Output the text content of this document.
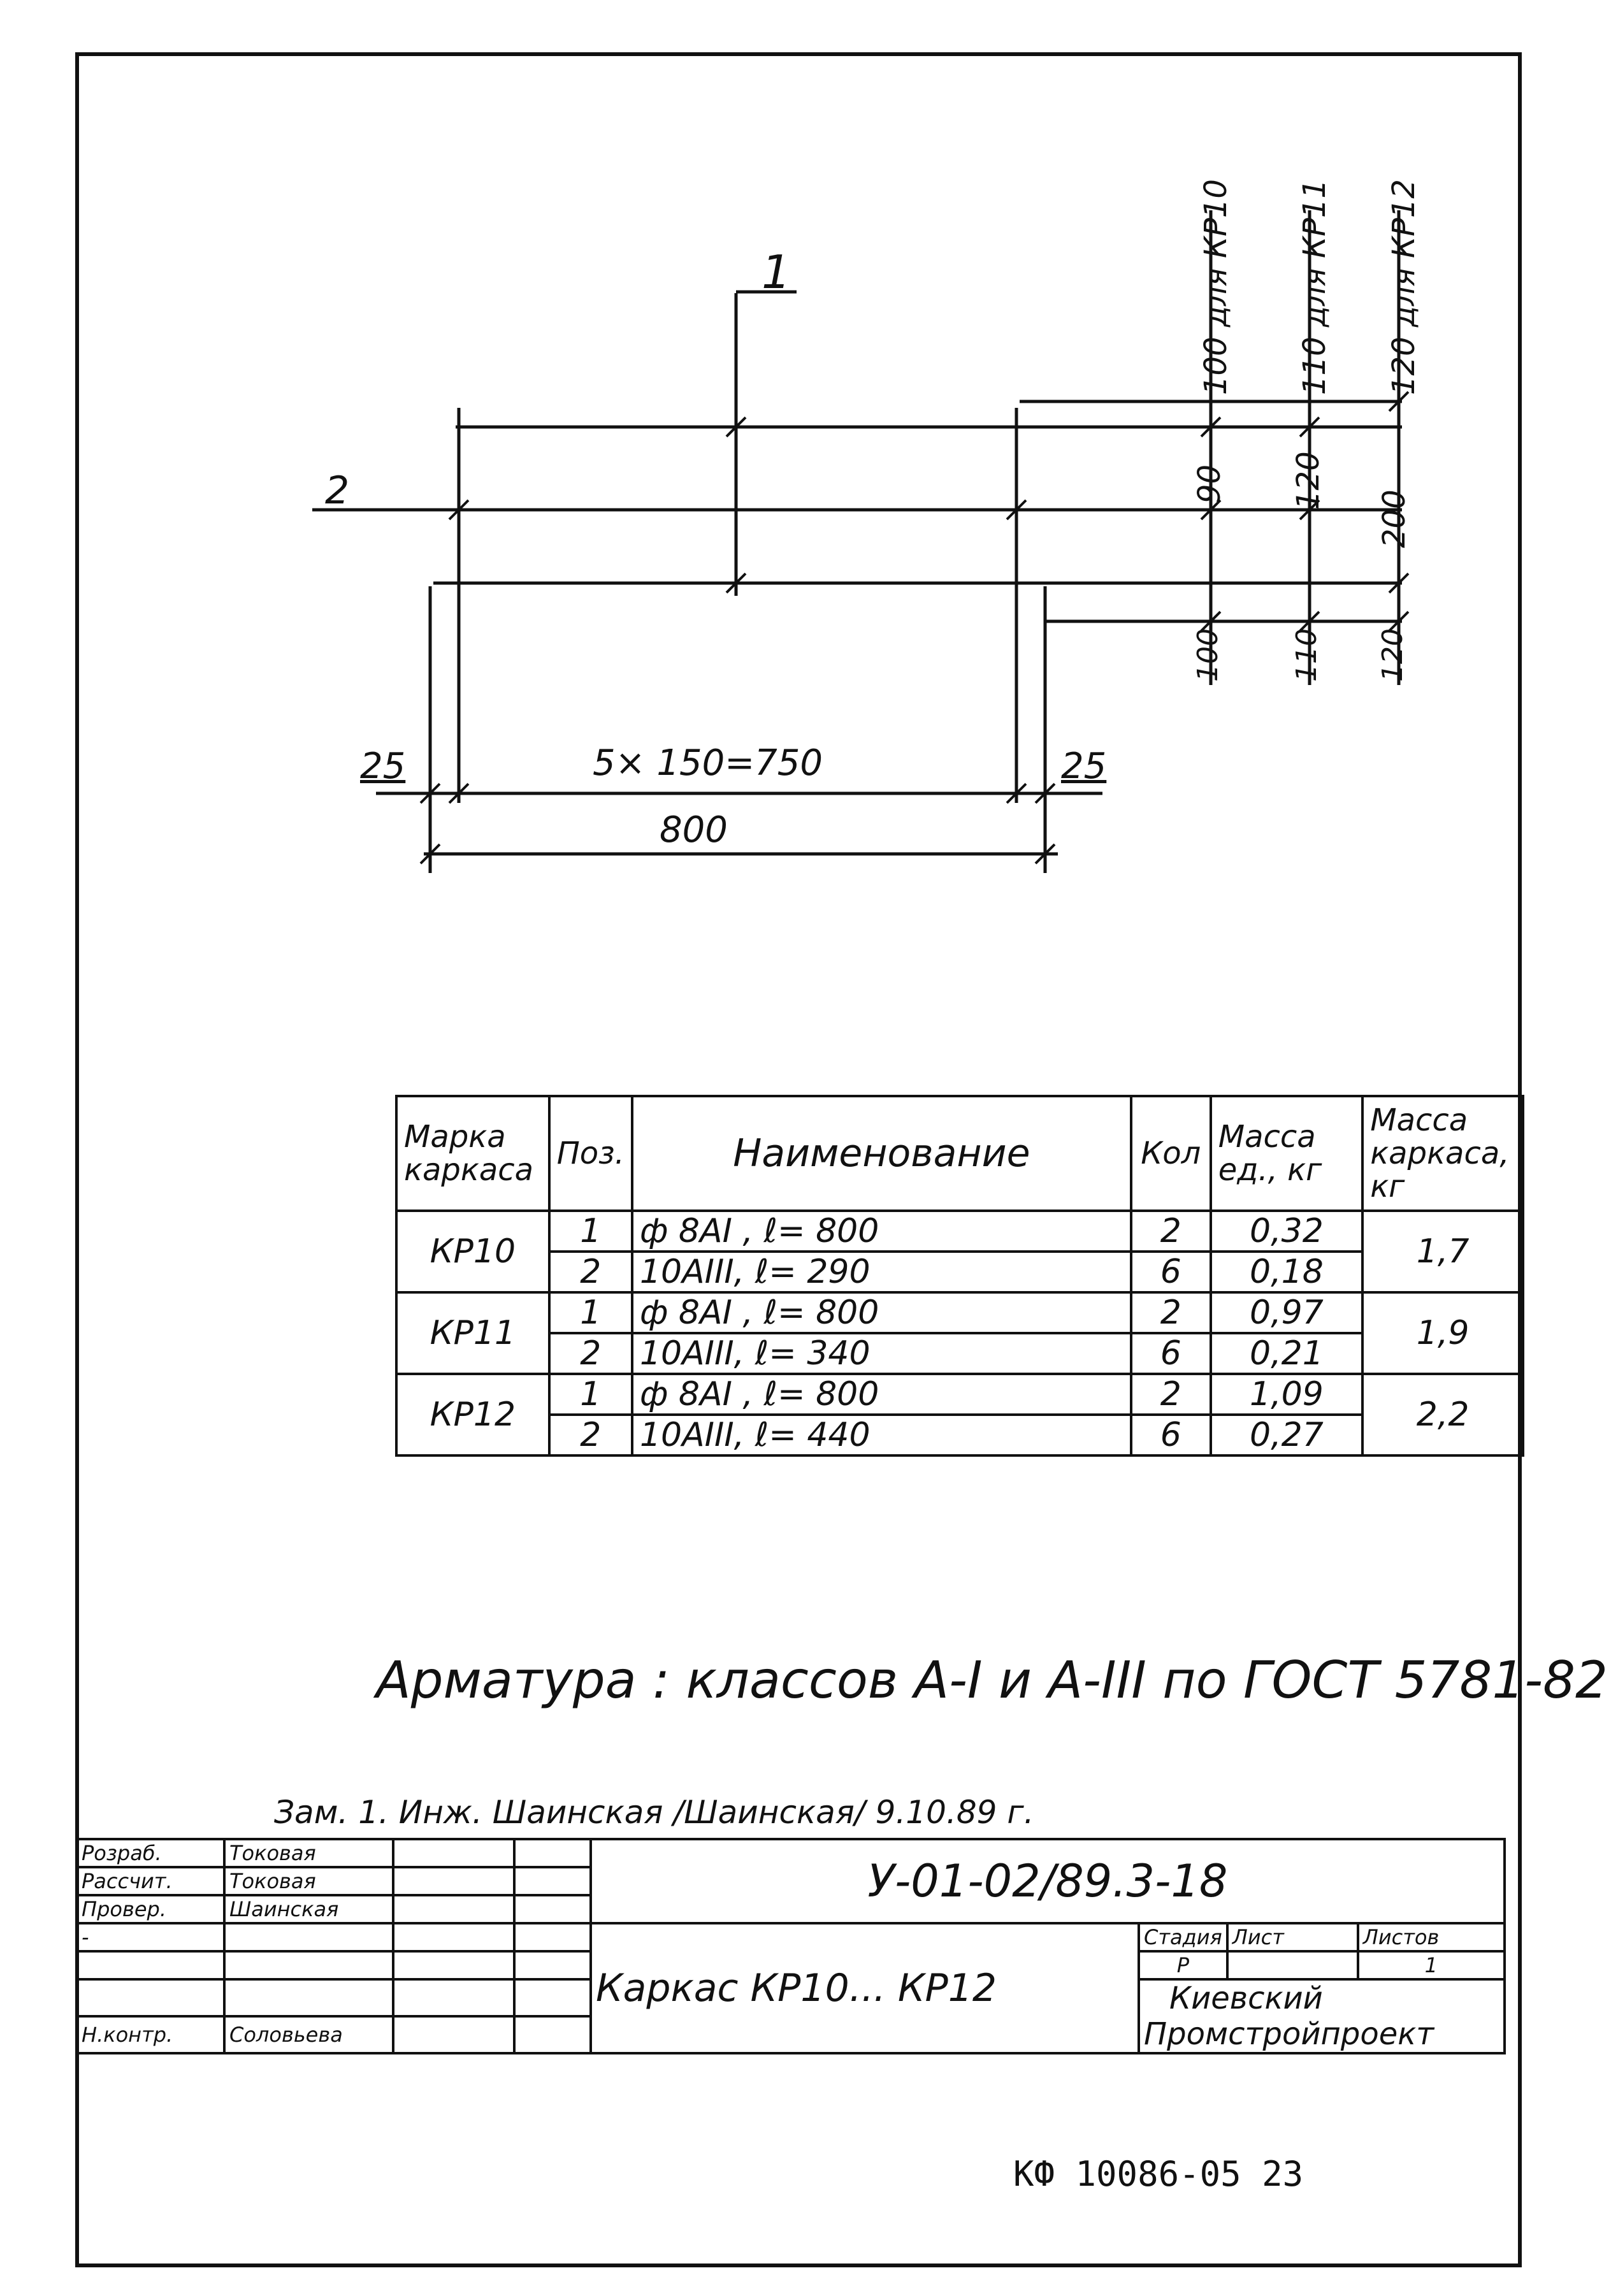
1
2
25	5× 150=750	25
800
100 для КР10
90
100
110 для КР11
120
110
120 для КР12
200
120
Марка каркаса	Поз.	Наименование	Кол	Масса ед., кг	Масса каркаса, кг
КР10	1	ф 8АI , ℓ= 800	2	0,32	1,7
	2	10АIII, ℓ= 290	6	0,18	
КР11	1	ф 8АI , ℓ= 800	2	0,97	1,9
	2	10АIII, ℓ= 340	6	0,21	
КР12	1	ф 8АI , ℓ= 800	2	1,09	2,2
	2	10АIII, ℓ= 440	6	0,27	
Арматура : классов А-I и А-III по ГОСТ 5781-82
Зам. 1. Инж. Шаинская /Шаинская/ 9.10.89 г.
Розраб.	Токовая			У-01-02/89.3-18			
Рассчит.	Токовая						
Провер.	Шаинская						
-				Каркас КР10... КР12	Стадия	Лист	Листов
					Р		1

					Киевский
Промстройпроект		

Н.контр.	Соловьева						
КФ 10086-05 23
